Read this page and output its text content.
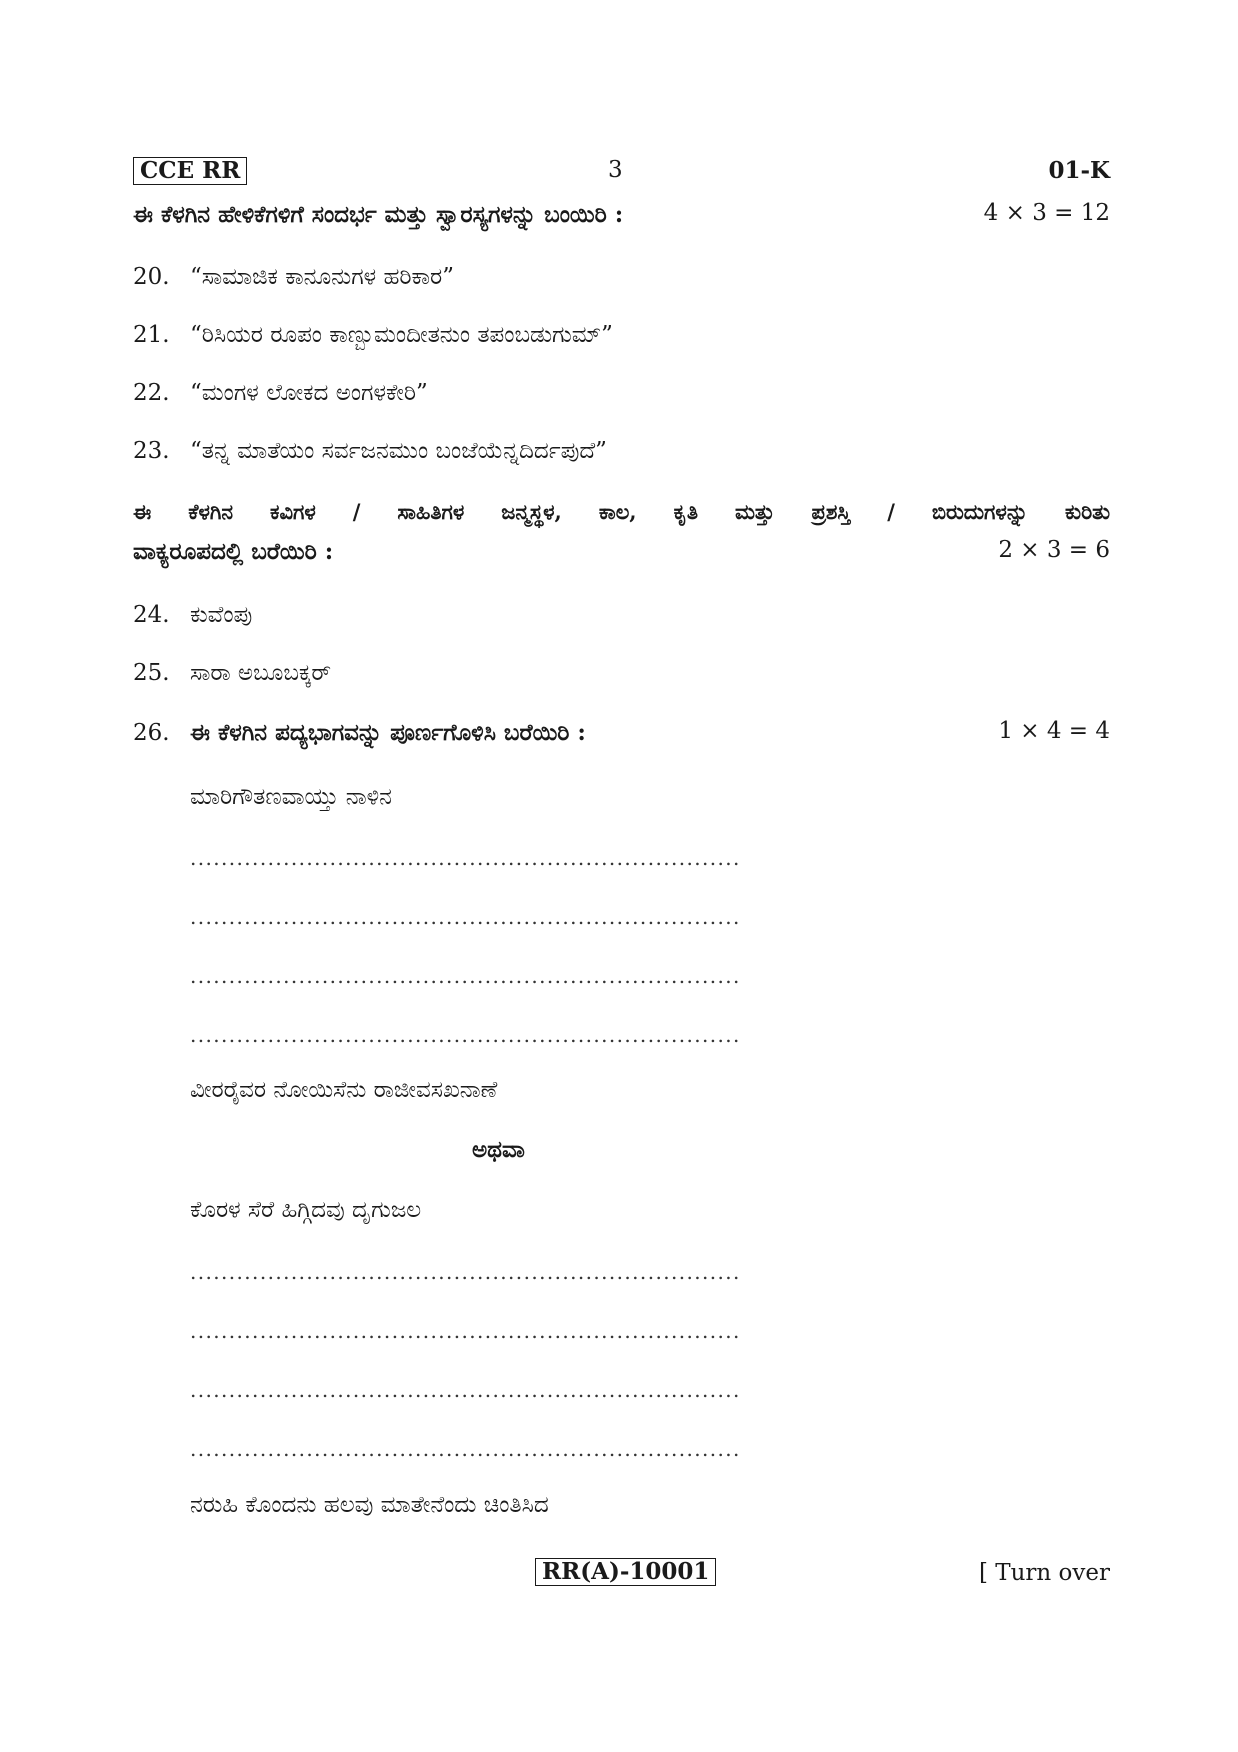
CCE RR	3	01-K
ಈ ಕೆಳಗಿನ ಹೇಳಿಕೆಗಳಿಗೆ ಸಂದರ್ಭ ಮತ್ತು ಸ್ವಾರಸ್ಯಗಳನ್ನು ಬಂಯಿರಿ :	4 × 3 = 12
20. “ಸಾಮಾಜಿಕ ಕಾನೂನುಗಳ ಹರಿಕಾರ”
21. “ರಿಸಿಯರ ರೂಪಂ ಕಾಣ್ಬುಮಂದೀತನುಂ ತಪಂಬಡುಗುಮ್”
22. “ಮಂಗಳ ಲೋಕದ ಅಂಗಳಕೇರಿ”
23. “ತನ್ನ ಮಾತೆಯಂ ಸರ್ವಜನಮುಂ ಬಂಜೆಯೆನ್ನದಿರ್ದಪುದೆ”
ಈ ಕೆಳಗಿನ ಕವಿಗಳ / ಸಾಹಿತಿಗಳ ಜನ್ಮಸ್ಥಳ, ಕಾಲ, ಕೃತಿ ಮತ್ತು ಪ್ರಶಸ್ತಿ / ಬಿರುದುಗಳನ್ನು ಕುರಿತು
ವಾಕ್ಯರೂಪದಲ್ಲಿ ಬರೆಯಿರಿ :	2 × 3 = 6
24. ಕುವೆಂಪು
25. ಸಾರಾ ಅಬೂಬಕ್ಕರ್
26. ಈ ಕೆಳಗಿನ ಪದ್ಯಭಾಗವನ್ನು ಪೂರ್ಣಗೊಳಿಸಿ ಬರೆಯಿರಿ :	1 × 4 = 4
ಮಾರಿಗೌತಣವಾಯ್ತು ನಾಳಿನ
.......................................................................
.......................................................................
.......................................................................
.......................................................................
ವೀರರೈವರ ನೋಯಿಸೆನು ರಾಜೀವಸಖನಾಣೆ
ಅಥವಾ
ಕೊರಳ ಸೆರೆ ಹಿಗ್ಗಿದವು ದೃಗುಜಲ
.......................................................................
.......................................................................
.......................................................................
.......................................................................
ನರುಹಿ ಕೊಂದನು ಹಲವು ಮಾತೇನೆಂದು ಚಿಂತಿಸಿದ
RR(A)-10001	[ Turn over
